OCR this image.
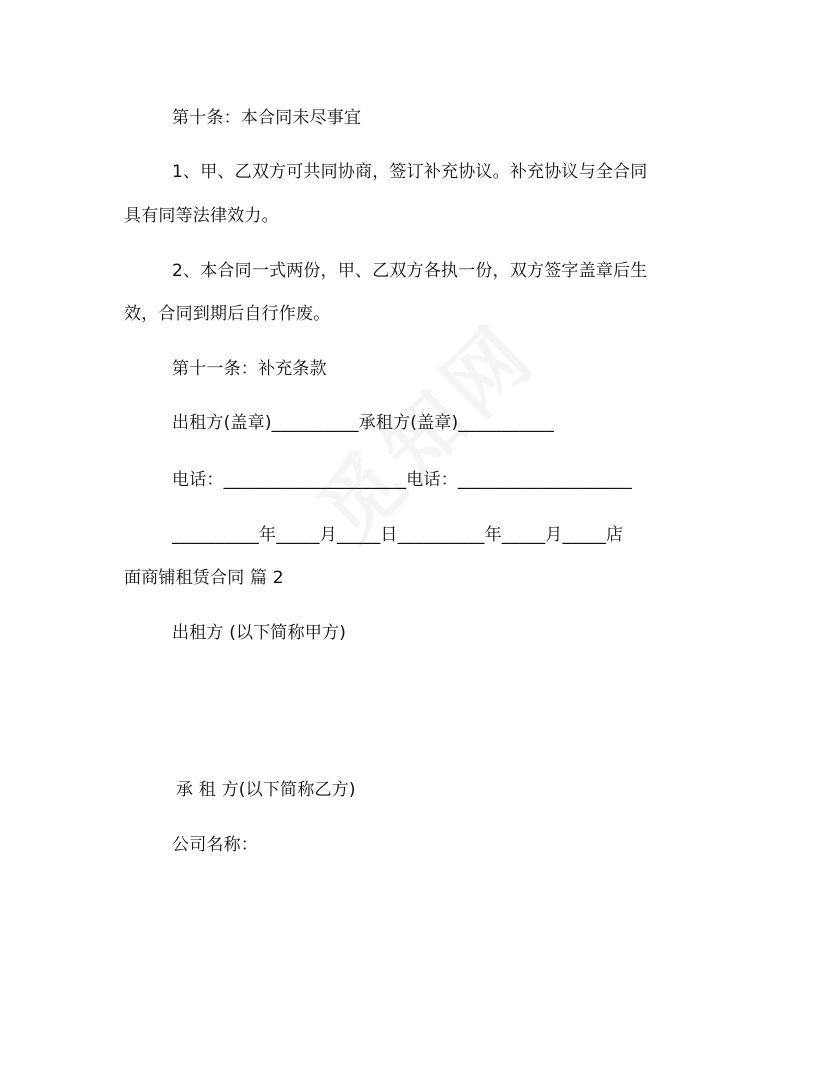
第十条：本合同未尽事宜
1、甲、乙双方可共同协商，签订补充协议。补充协议与全合同
具有同等法律效力。
2、本合同一式两份，甲、乙双方各执一份，双方签字盖章后生
效，合同到期后自行作废。
第十一条：补充条款
出租方(盖章)__________承租方(盖章)___________
电话：_____________________电话：____________________
__________年_____月_____日__________年_____月_____店
面商铺租赁合同 篇 2
出租方 (以下简称甲方)
承 租 方(以下简称乙方)
公司名称：
